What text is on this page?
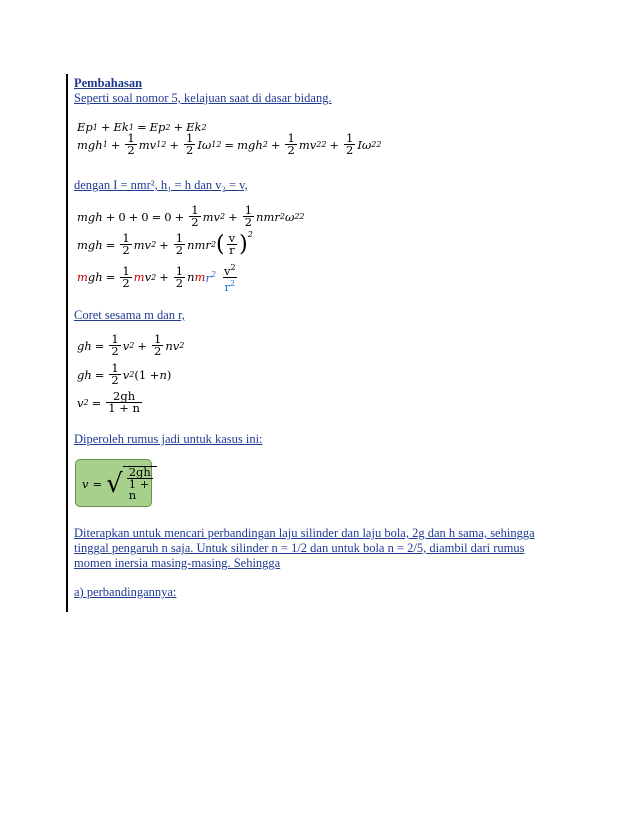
Pembahasan
Seperti soal nomor 5, kelajuan saat di dasar bidang.
Ep 1 + Ek 1 = Ep 2 + Ek 2
mgh $1 + \frac{1}{2}$ mv 1 $2 + \frac{1}{2}$ Iω 1 2 = mgh $2 + \frac{1}{2}$ mv 2 $2 + \frac{1}{2}$ Iω 2 2
dengan I = nmr², h₁ = h dan v₂ = v,
mgh + $0 + 0 = 0 + \frac{1}{2}$ mv $2 + \frac{1}{2}$ nmr 2 ω 2 2
mgh = $\frac{1}{2}$ mv $2 + \frac{1}{2}$ nmr 2 ( $\frac{v}{r} )^2$
m gh = $\frac{1}{2}$ m v $2 + \frac{1}{2}$ n m $r^2 \frac{v^2}{r^2}$
Coret sesama m dan r,
gh = $\frac{1}{2}$ v $2 + \frac{1}{2}$ nv 2
gh = $\frac{1}{2}$ v 2 (1 + n )
v $2 = \frac{2gh}{1 + n}$
Diperoleh rumus jadi untuk kasus ini:
v = √ $\frac{2gh}{1 + n}$
Diterapkan untuk mencari perbandingan laju silinder dan laju bola, 2g dan h sama, sehingga
tinggal pengaruh n saja. Untuk silinder n = 1/2 dan untuk bola n = 2/5, diambil dari rumus
momen inersia masing-masing. Sehingga
a) perbandingannya:
